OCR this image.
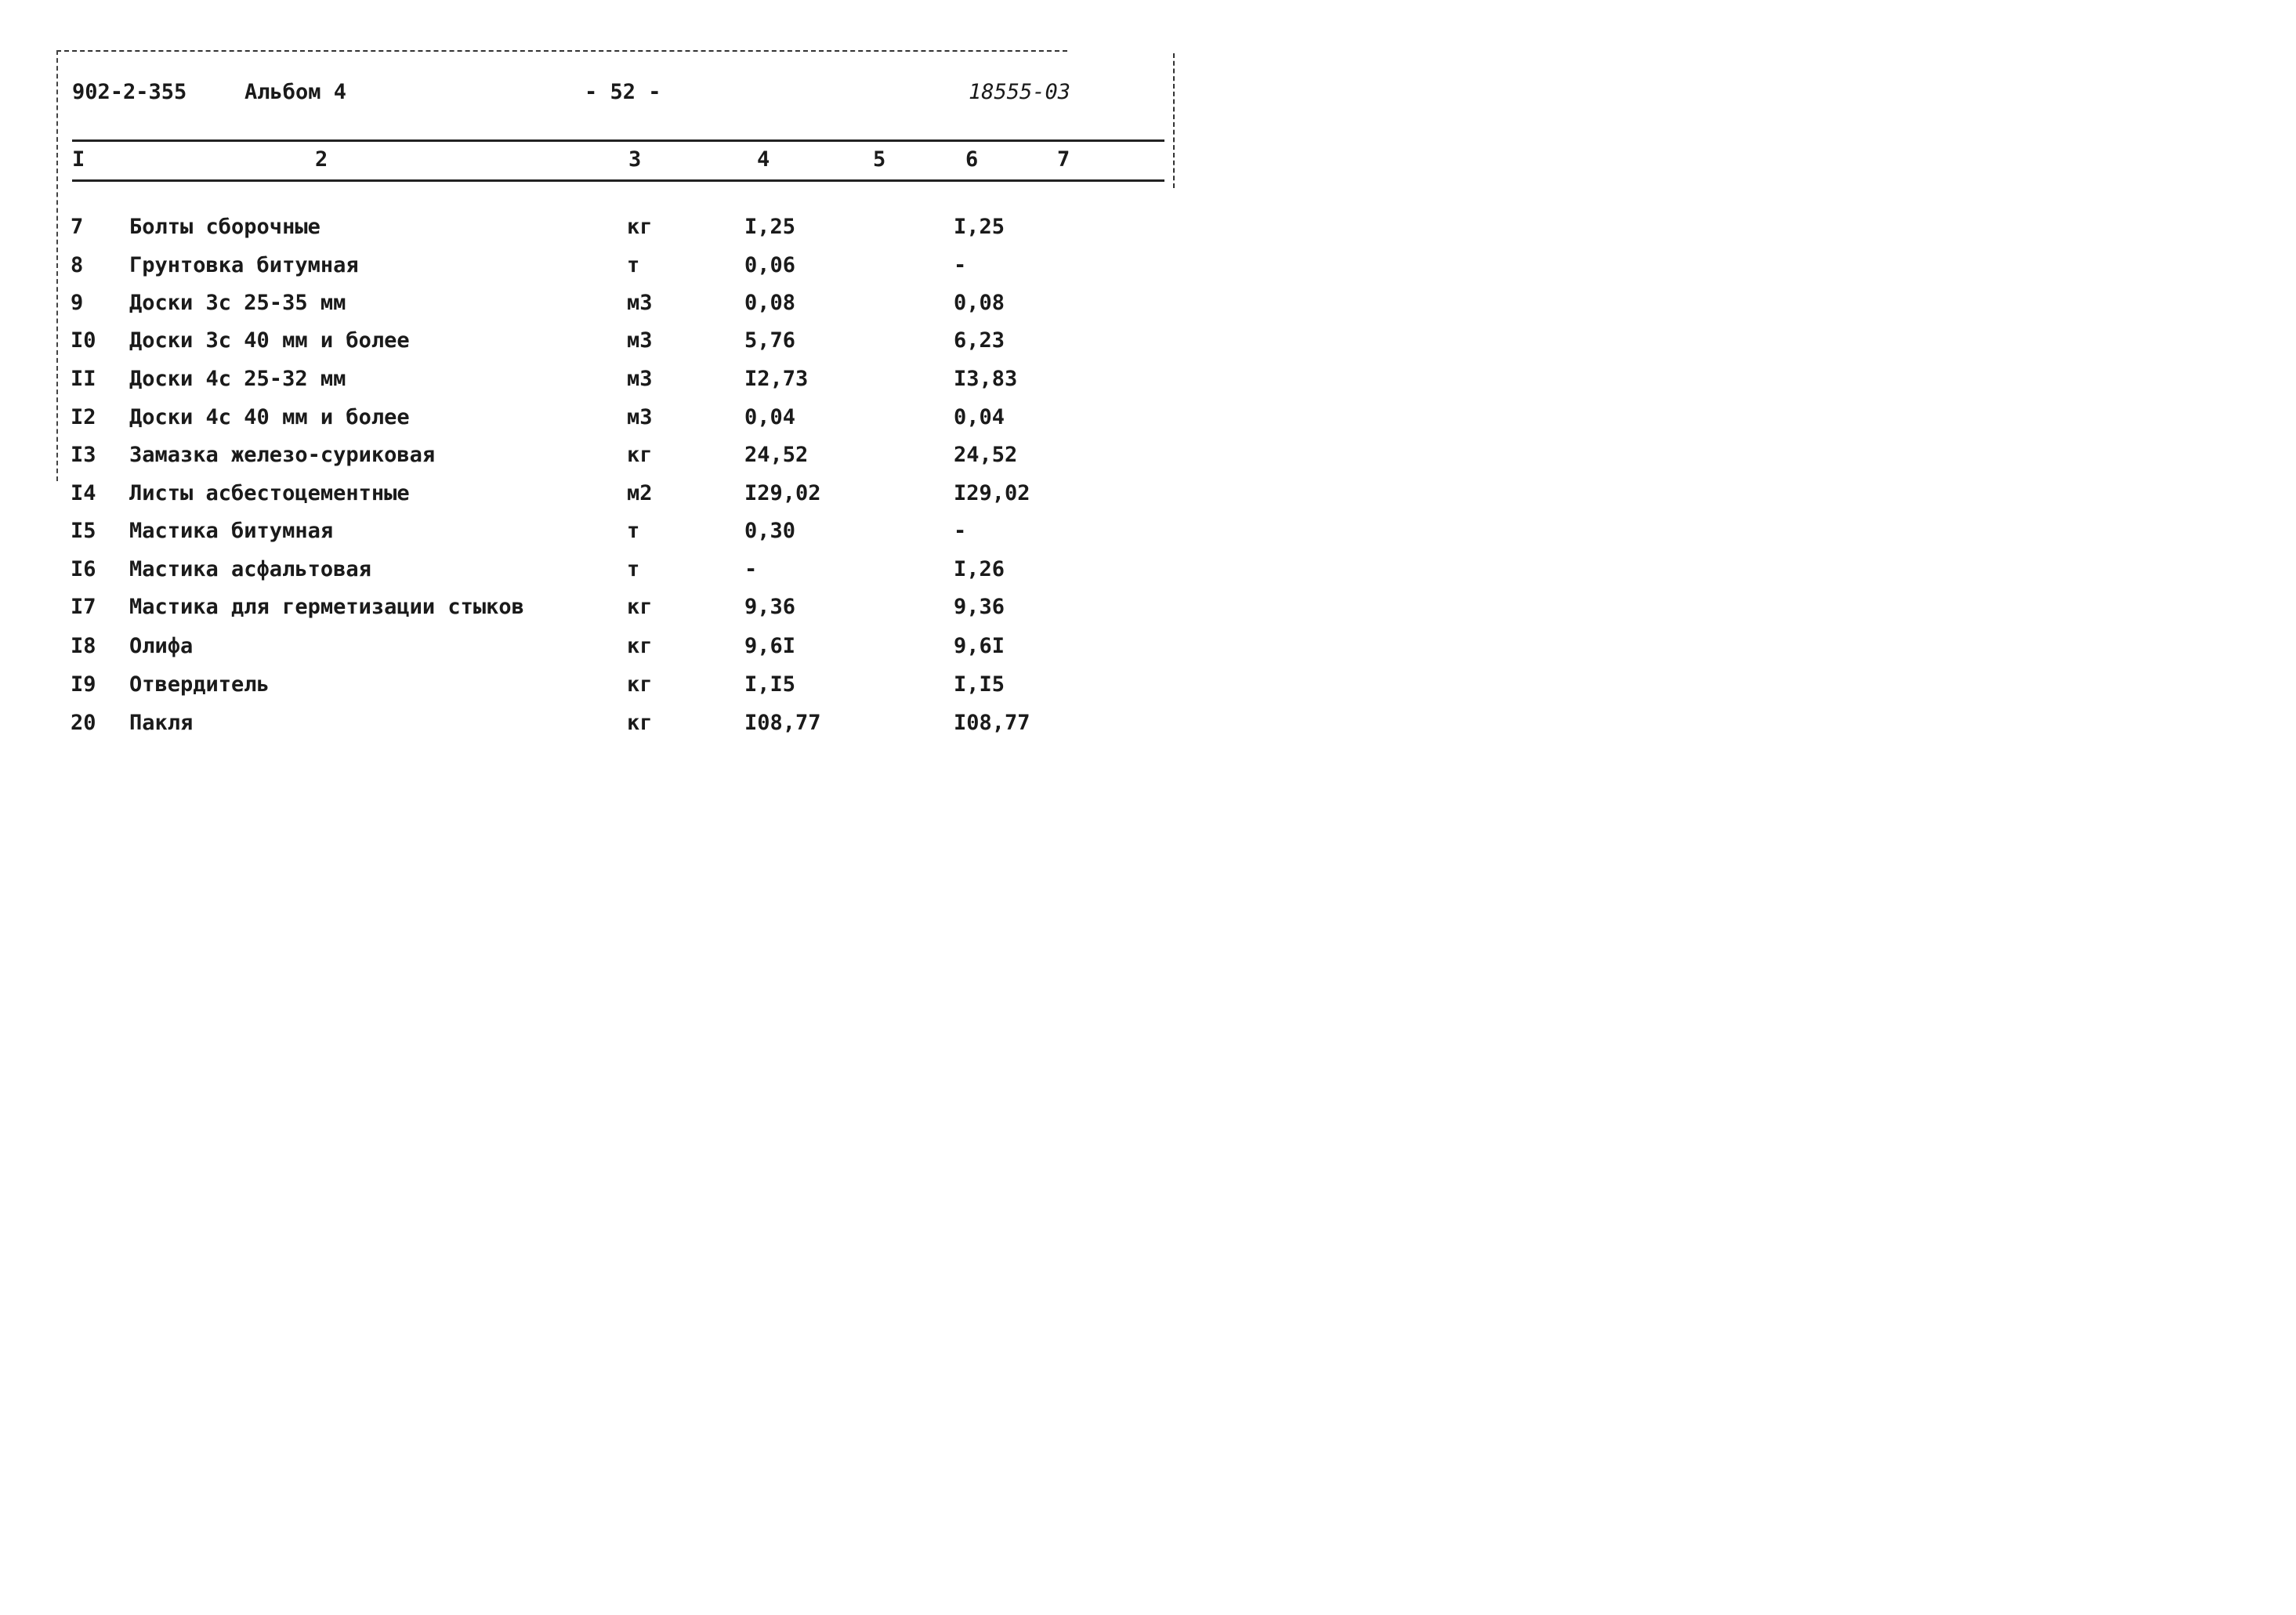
902-2-355	Альбом 4	- 52 -	18555-03
I	2	3	4	5	6	7
7 Болты сборочные	кг	I,25	I,25
8 Грунтовка битумная	т	0,06	-
9 Доски 3с 25-35 мм	м3	0,08	0,08
I0 Доски 3с 40 мм и более	м3	5,76	6,23
II Доски 4с 25-32 мм	м3	I2,73	I3,83
I2 Доски 4с 40 мм и более	м3	0,04	0,04
I3 Замазка железо-суриковая	кг	24,52	24,52
I4 Листы асбестоцементные	м2	I29,02	I29,02
I5 Мастика битумная	т	0,30	-
I6 Мастика асфальтовая	т	-	I,26
I7 Мастика для герметизации стыков	кг	9,36	9,36
I8 Олифа	кг	9,6I	9,6I
I9 Отвердитель	кг	I,I5	I,I5
20 Пакля	кг	I08,77	I08,77
